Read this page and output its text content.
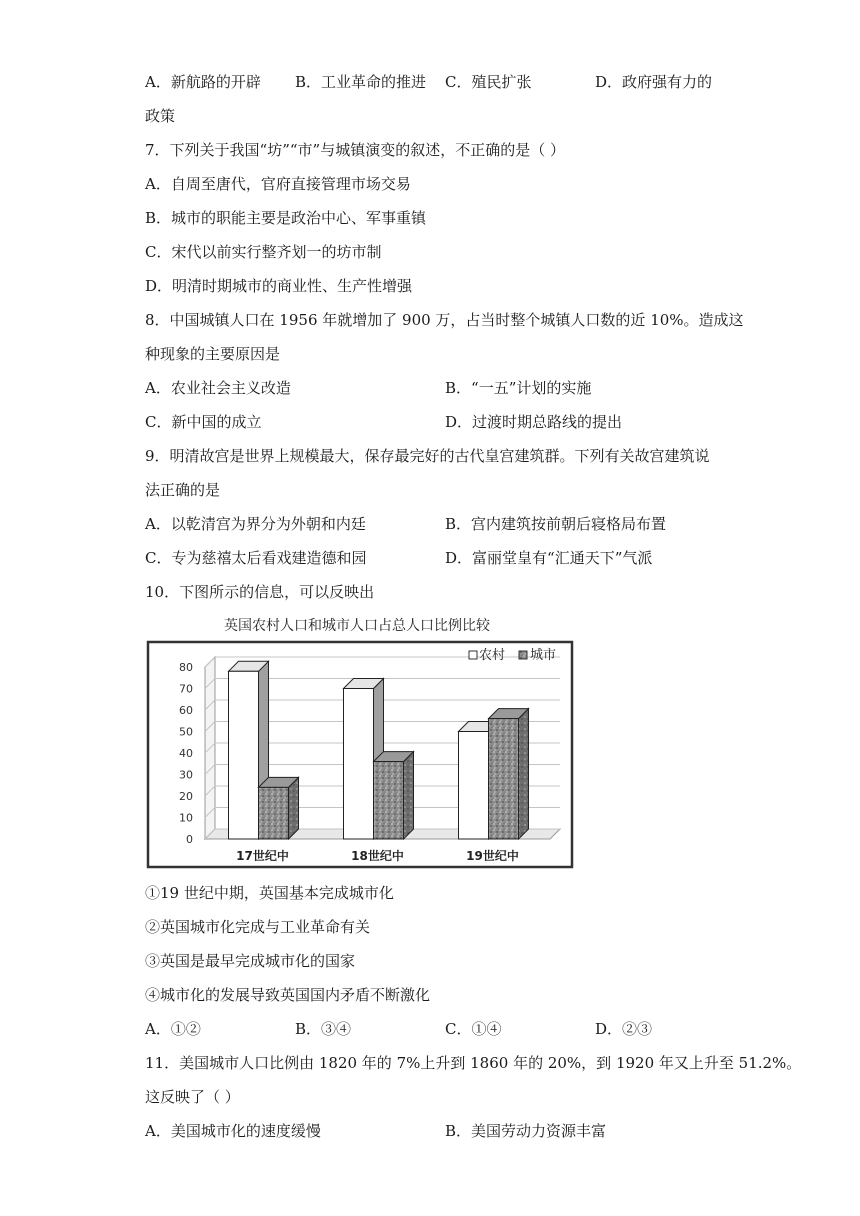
A．新航路的开辟 B．工业革命的推进 C．殖民扩张	D．政府强有力的
政策
7．下列关于我国“坊”“市”与城镇演变的叙述，不正确的是（ ）
A．自周至唐代，官府直接管理市场交易
B．城市的职能主要是政治中心、军事重镇
C．宋代以前实行整齐划一的坊市制
D．明清时期城市的商业性、生产性增强
8．中国城镇人口在 1956 年就增加了 900 万，占当时整个城镇人口数的近 10%。造成这
种现象的主要原因是
A．农业社会主义改造	B．“一五”计划的实施
C．新中国的成立	D．过渡时期总路线的提出
9．明清故宫是世界上规模最大，保存最完好的古代皇宫建筑群。下列有关故宫建筑说
法正确的是
A．以乾清宫为界分为外朝和内廷	B．宫内建筑按前朝后寝格局布置
C．专为慈禧太后看戏建造德和园	D．富丽堂皇有“汇通天下”气派
10．下图所示的信息，可以反映出
英国农村人口和城市人口占总人口比例比较
0
10
20
30
40
50
60
70
80
17世纪中	18世纪中	19世纪中
农村 城市
①19 世纪中期，英国基本完成城市化
②英国城市化完成与工业革命有关
③英国是最早完成城市化的国家
④城市化的发展导致英国国内矛盾不断激化
A．①②	B．③④	C．①④	D．②③
11．美国城市人口比例由 1820 年的 7%上升到 1860 年的 20%，到 1920 年又上升至 51.2%。
这反映了（ ）
A．美国城市化的速度缓慢	B．美国劳动力资源丰富
